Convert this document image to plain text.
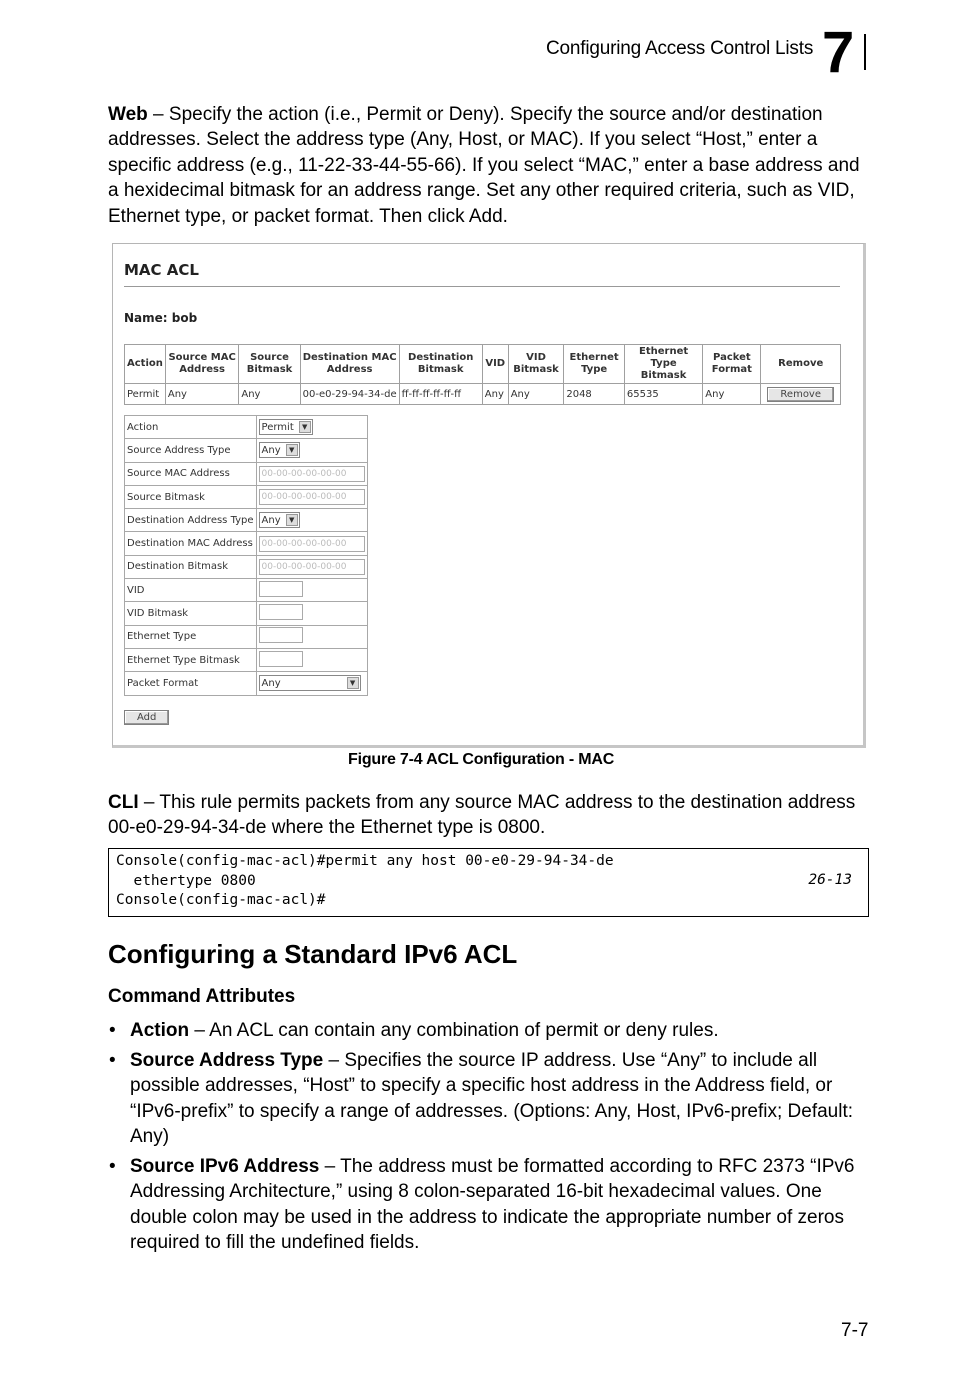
Configuring Access Control Lists 7

Web – Specify the action (i.e., Permit or Deny). Specify the source and/or destination addresses. Select the address type (Any, Host, or MAC). If you select “Host,” enter a specific address (e.g., 11-22-33-44-55-66). If you select “MAC,” enter a base address and a hexidecimal bitmask for an address range. Set any other required criteria, such as VID, Ethernet type, or packet format. Then click Add.

MAC ACL
Name: bob
Action	Source MAC Address	Source Bitmask	Destination MAC Address	Destination Bitmask	VID	VID Bitmask	Ethernet Type	Ethernet Type Bitmask	Packet Format	Remove
Permit	Any	Any	00-e0-29-94-34-de	ff-ff-ff-ff-ff-ff	Any	Any	2048	65535	Any	Remove
Action	Permit ▼

Source Address Type	Any ▼

Source MAC Address	00-00-00-00-00-00
Source Bitmask	00-00-00-00-00-00
Destination Address Type	Any ▼

Destination MAC Address	00-00-00-00-00-00
Destination Bitmask	00-00-00-00-00-00
VID	
VID Bitmask	
Ethernet Type	
Ethernet Type Bitmask	
Packet Format	Any ▼
Add
Figure 7-4 ACL Configuration - MAC

CLI – This rule permits packets from any source MAC address to the destination address 00-e0-29-94-34-de where the Ethernet type is 0800.

Console(config-mac-acl)#permit any host 00-e0-29-94-34-de
ethertype 0800
Console(config-mac-acl)#
26-13
Configuring a Standard IPv6 ACL
Command Attributes
• Action – An ACL can contain any combination of permit or deny rules.
• Source Address Type – Specifies the source IP address. Use “Any” to include all possible addresses, “Host” to specify a specific host address in the Address field, or “IPv6-prefix” to specify a range of addresses. (Options: Any, Host, IPv6-prefix; Default: Any)
• Source IPv6 Address – The address must be formatted according to RFC 2373 “IPv6 Addressing Architecture,” using 8 colon-separated 16-bit hexadecimal values. One double colon may be used in the address to indicate the appropriate number of zeros required to fill the undefined fields.
7-7
